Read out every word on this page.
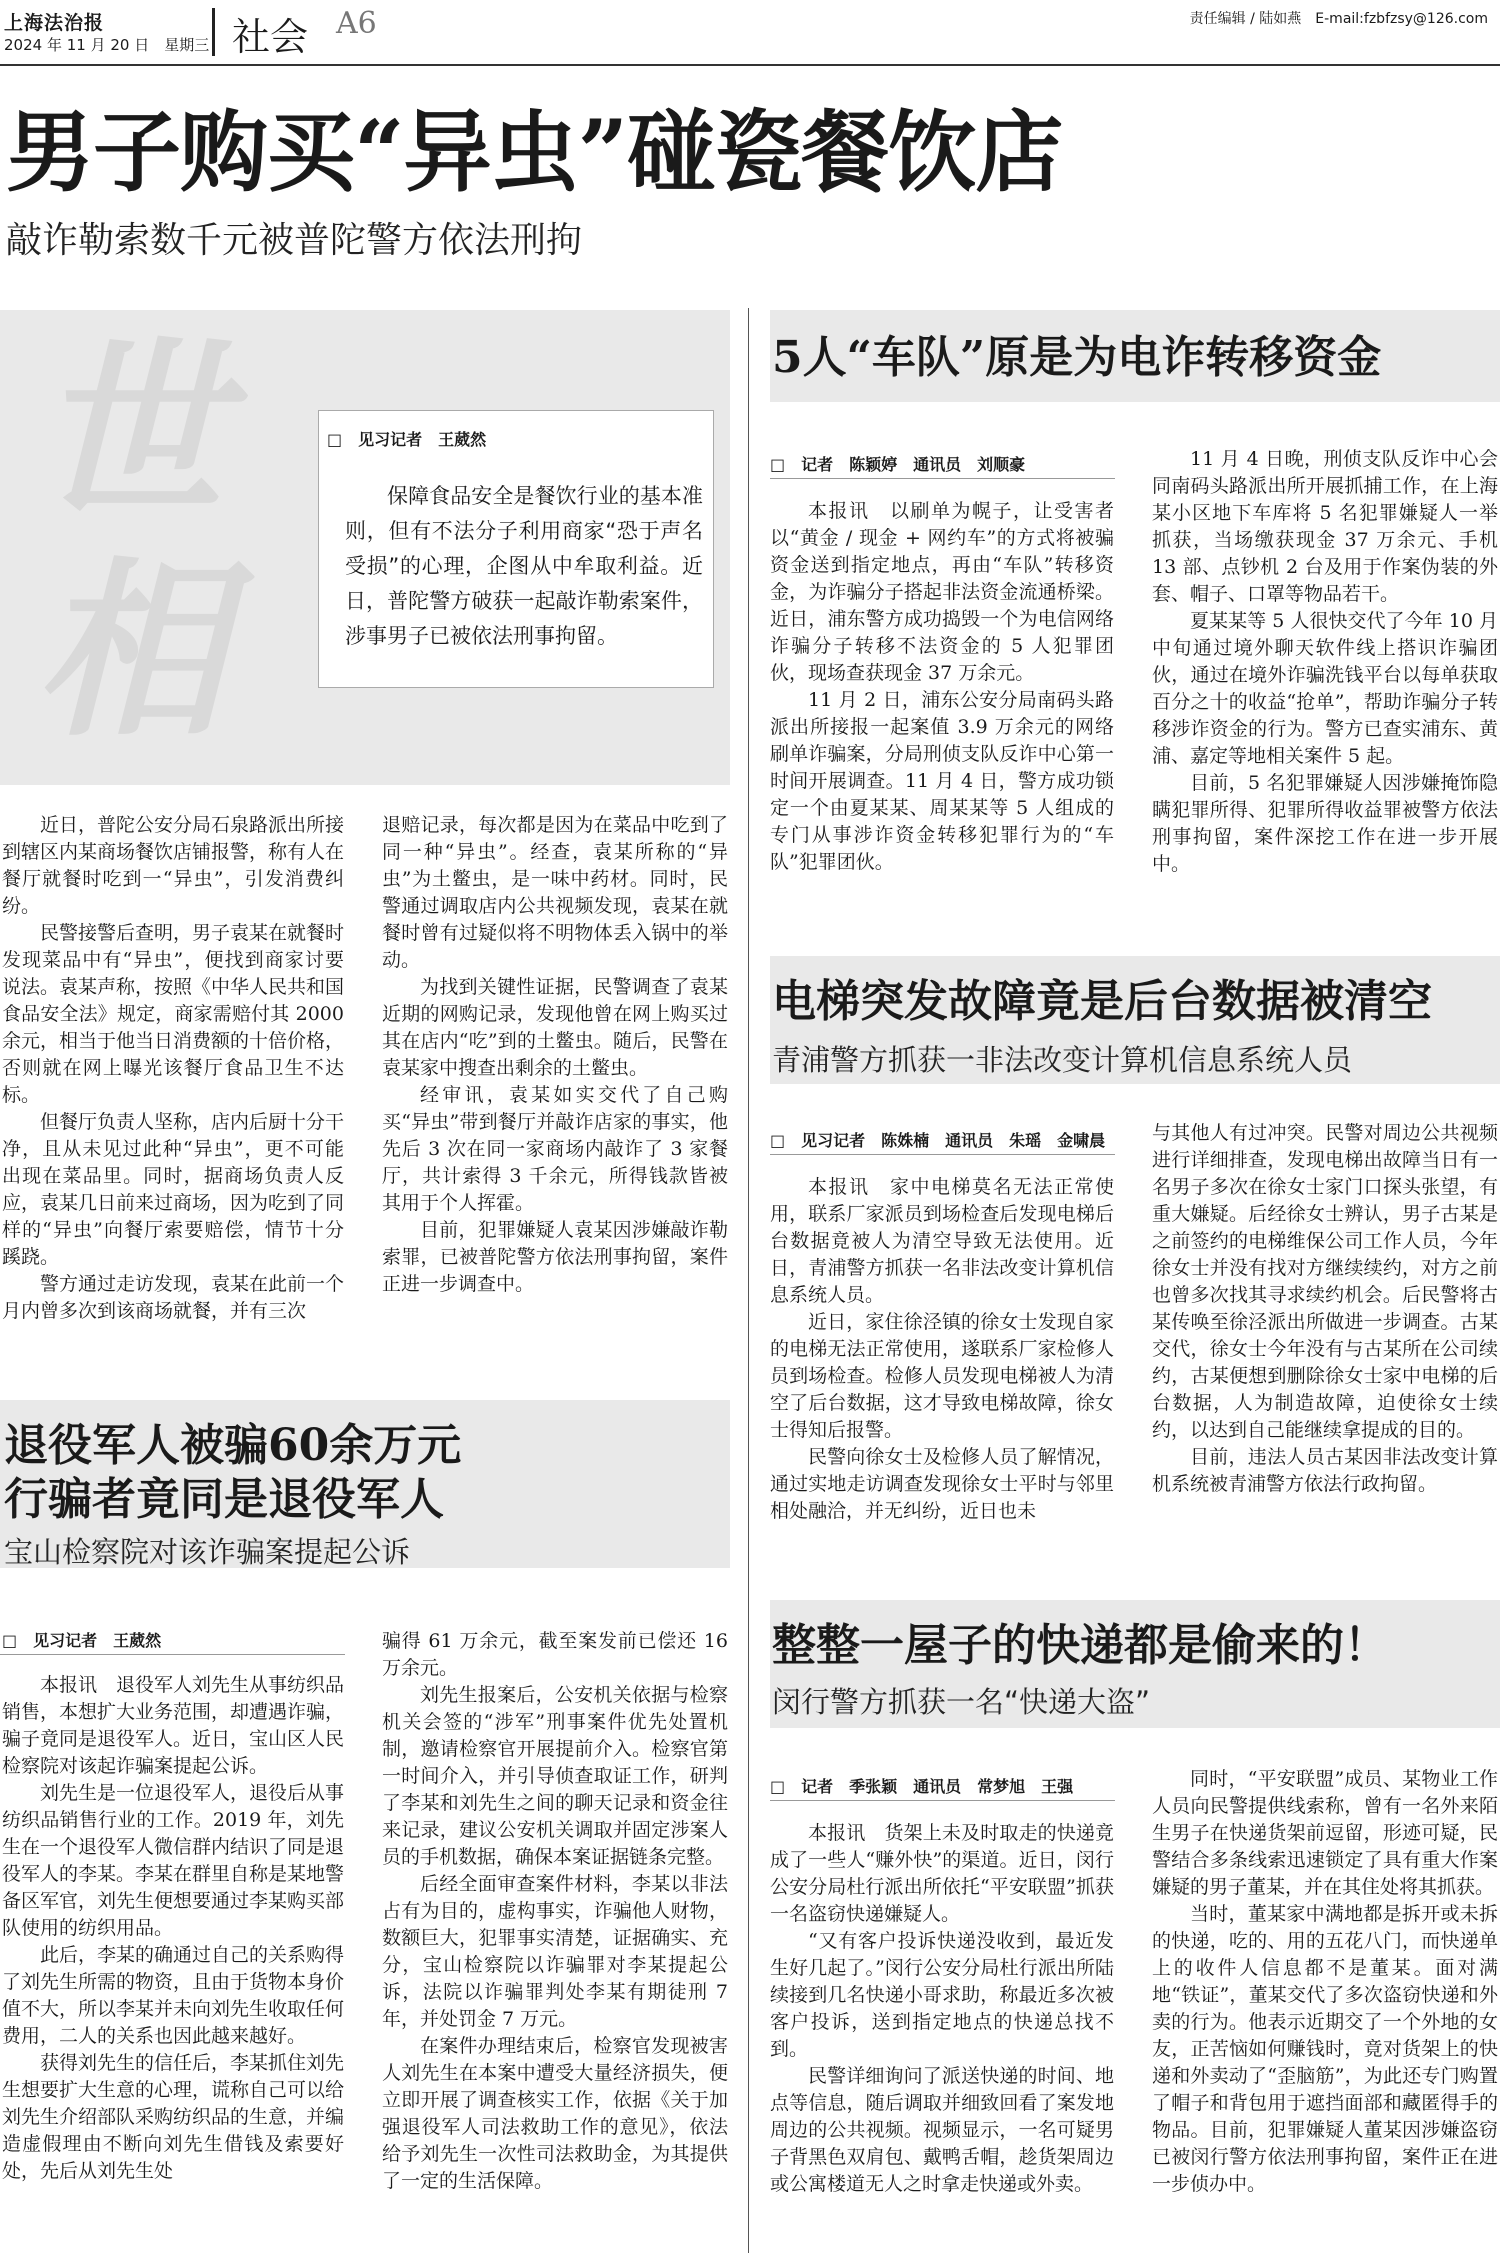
上海法治报
2024 年 11 月 20 日　星期三 社会 A6	责任编辑 / 陆如燕　E-mail:fzbfzsy@126.com
男子购买“异虫”碰瓷餐饮店
敲诈勒索数千元被普陀警方依法刑拘
世相	□　见习记者　王葳然

保障食品安全是餐饮行业的基本准则，但有不法分子利用商家“恐于声名受损”的心理，企图从中牟取利益。近日，普陀警方破获一起敲诈勒索案件，涉事男子已被依法刑事拘留。

近日，普陀公安分局石泉路派出所接到辖区内某商场餐饮店铺报警，称有人在餐厅就餐时吃到一“异虫”，引发消费纠纷。

民警接警后查明，男子袁某在就餐时发现菜品中有“异虫”，便找到商家讨要说法。袁某声称，按照《中华人民共和国食品安全法》规定，商家需赔付其 2000 余元，相当于他当日消费额的十倍价格，否则就在网上曝光该餐厅食品卫生不达标。

但餐厅负责人坚称，店内后厨十分干净，且从未见过此种“异虫”，更不可能出现在菜品里。同时，据商场负责人反应，袁某几日前来过商场，因为吃到了同样的“异虫”向餐厅索要赔偿，情节十分蹊跷。

警方通过走访发现，袁某在此前一个月内曾多次到该商场就餐，并有三次

退赔记录，每次都是因为在菜品中吃到了同一种“异虫”。经查，袁某所称的“异虫”为土鳖虫，是一味中药材。同时，民警通过调取店内公共视频发现，袁某在就餐时曾有过疑似将不明物体丢入锅中的举动。

为找到关键性证据，民警调查了袁某近期的网购记录，发现他曾在网上购买过其在店内“吃”到的土鳖虫。随后，民警在袁某家中搜查出剩余的土鳖虫。

经审讯，袁某如实交代了自己购买“异虫”带到餐厅并敲诈店家的事实，他先后 3 次在同一家商场内敲诈了 3 家餐厅，共计索得 3 千余元，所得钱款皆被其用于个人挥霍。

目前，犯罪嫌疑人袁某因涉嫌敲诈勒索罪，已被普陀警方依法刑事拘留，案件正进一步调查中。

退役军人被骗60余万元
行骗者竟同是退役军人
宝山检察院对该诈骗案提起公诉
□　见习记者　王葳然

本报讯　退役军人刘先生从事纺织品销售，本想扩大业务范围，却遭遇诈骗，骗子竟同是退役军人。近日，宝山区人民检察院对该起诈骗案提起公诉。

刘先生是一位退役军人，退役后从事纺织品销售行业的工作。2019 年，刘先生在一个退役军人微信群内结识了同是退役军人的李某。李某在群里自称是某地警备区军官，刘先生便想要通过李某购买部队使用的纺织用品。

此后，李某的确通过自己的关系购得了刘先生所需的物资，且由于货物本身价值不大，所以李某并未向刘先生收取任何费用，二人的关系也因此越来越好。

获得刘先生的信任后，李某抓住刘先生想要扩大生意的心理，谎称自己可以给刘先生介绍部队采购纺织品的生意，并编造虚假理由不断向刘先生借钱及索要好处，先后从刘先生处

骗得 61 万余元，截至案发前已偿还 16 万余元。

刘先生报案后，公安机关依据与检察机关会签的“涉军”刑事案件优先处置机制，邀请检察官开展提前介入。检察官第一时间介入，并引导侦查取证工作，研判了李某和刘先生之间的聊天记录和资金往来记录，建议公安机关调取并固定涉案人员的手机数据，确保本案证据链条完整。

后经全面审查案件材料，李某以非法占有为目的，虚构事实，诈骗他人财物，数额巨大，犯罪事实清楚，证据确实、充分，宝山检察院以诈骗罪对李某提起公诉，法院以诈骗罪判处李某有期徒刑 7 年，并处罚金 7 万元。

在案件办理结束后，检察官发现被害人刘先生在本案中遭受大量经济损失，便立即开展了调查核实工作，依据《关于加强退役军人司法救助工作的意见》，依法给予刘先生一次性司法救助金，为其提供了一定的生活保障。

5人“车队”原是为电诈转移资金
□　记者　陈颖婷　通讯员　刘顺豪

本报讯　以刷单为幌子，让受害者以“黄金 / 现金 + 网约车”的方式将被骗资金送到指定地点，再由“车队”转移资金，为诈骗分子搭起非法资金流通桥梁。近日，浦东警方成功捣毁一个为电信网络诈骗分子转移不法资金的 5 人犯罪团伙，现场查获现金 37 万余元。

11 月 2 日，浦东公安分局南码头路派出所接报一起案值 3.9 万余元的网络刷单诈骗案，分局刑侦支队反诈中心第一时间开展调查。11 月 4 日，警方成功锁定一个由夏某某、周某某等 5 人组成的专门从事涉诈资金转移犯罪行为的“车队”犯罪团伙。

11 月 4 日晚，刑侦支队反诈中心会同南码头路派出所开展抓捕工作，在上海某小区地下车库将 5 名犯罪嫌疑人一举抓获，当场缴获现金 37 万余元、手机 13 部、点钞机 2 台及用于作案伪装的外套、帽子、口罩等物品若干。

夏某某等 5 人很快交代了今年 10 月中旬通过境外聊天软件线上搭识诈骗团伙，通过在境外诈骗洗钱平台以每单获取百分之十的收益“抢单”，帮助诈骗分子转移涉诈资金的行为。警方已查实浦东、黄浦、嘉定等地相关案件 5 起。

目前，5 名犯罪嫌疑人因涉嫌掩饰隐瞒犯罪所得、犯罪所得收益罪被警方依法刑事拘留，案件深挖工作在进一步开展中。

电梯突发故障竟是后台数据被清空
青浦警方抓获一非法改变计算机信息系统人员
□　见习记者　陈姝楠　通讯员　朱瑶　金啸晨

本报讯　家中电梯莫名无法正常使用，联系厂家派员到场检查后发现电梯后台数据竟被人为清空导致无法使用。近日，青浦警方抓获一名非法改变计算机信息系统人员。

近日，家住徐泾镇的徐女士发现自家的电梯无法正常使用，遂联系厂家检修人员到场检查。检修人员发现电梯被人为清空了后台数据，这才导致电梯故障，徐女士得知后报警。

民警向徐女士及检修人员了解情况，通过实地走访调查发现徐女士平时与邻里相处融洽，并无纠纷，近日也未

与其他人有过冲突。民警对周边公共视频进行详细排查，发现电梯出故障当日有一名男子多次在徐女士家门口探头张望，有重大嫌疑。后经徐女士辨认，男子古某是之前签约的电梯维保公司工作人员，今年徐女士并没有找对方继续续约，对方之前也曾多次找其寻求续约机会。后民警将古某传唤至徐泾派出所做进一步调查。古某交代，徐女士今年没有与古某所在公司续约，古某便想到删除徐女士家中电梯的后台数据，人为制造故障，迫使徐女士续约，以达到自己能继续拿提成的目的。

目前，违法人员古某因非法改变计算机系统被青浦警方依法行政拘留。

整整一屋子的快递都是偷来的！
闵行警方抓获一名“快递大盗”
□　记者　季张颖　通讯员　常梦旭　王强

本报讯　货架上未及时取走的快递竟成了一些人“赚外快”的渠道。近日，闵行公安分局杜行派出所依托“平安联盟”抓获一名盗窃快递嫌疑人。

“又有客户投诉快递没收到，最近发生好几起了。”闵行公安分局杜行派出所陆续接到几名快递小哥求助，称最近多次被客户投诉，送到指定地点的快递总找不到。

民警详细询问了派送快递的时间、地点等信息，随后调取并细致回看了案发地周边的公共视频。视频显示，一名可疑男子背黑色双肩包、戴鸭舌帽，趁货架周边或公寓楼道无人之时拿走快递或外卖。

同时，“平安联盟”成员、某物业工作人员向民警提供线索称，曾有一名外来陌生男子在快递货架前逗留，形迹可疑，民警结合多条线索迅速锁定了具有重大作案嫌疑的男子董某，并在其住处将其抓获。

当时，董某家中满地都是拆开或未拆的快递，吃的、用的五花八门，而快递单上的收件人信息都不是董某。面对满地“铁证”，董某交代了多次盗窃快递和外卖的行为。他表示近期交了一个外地的女友，正苦恼如何赚钱时，竟对货架上的快递和外卖动了“歪脑筋”，为此还专门购置了帽子和背包用于遮挡面部和藏匿得手的物品。目前，犯罪嫌疑人董某因涉嫌盗窃已被闵行警方依法刑事拘留，案件正在进一步侦办中。
